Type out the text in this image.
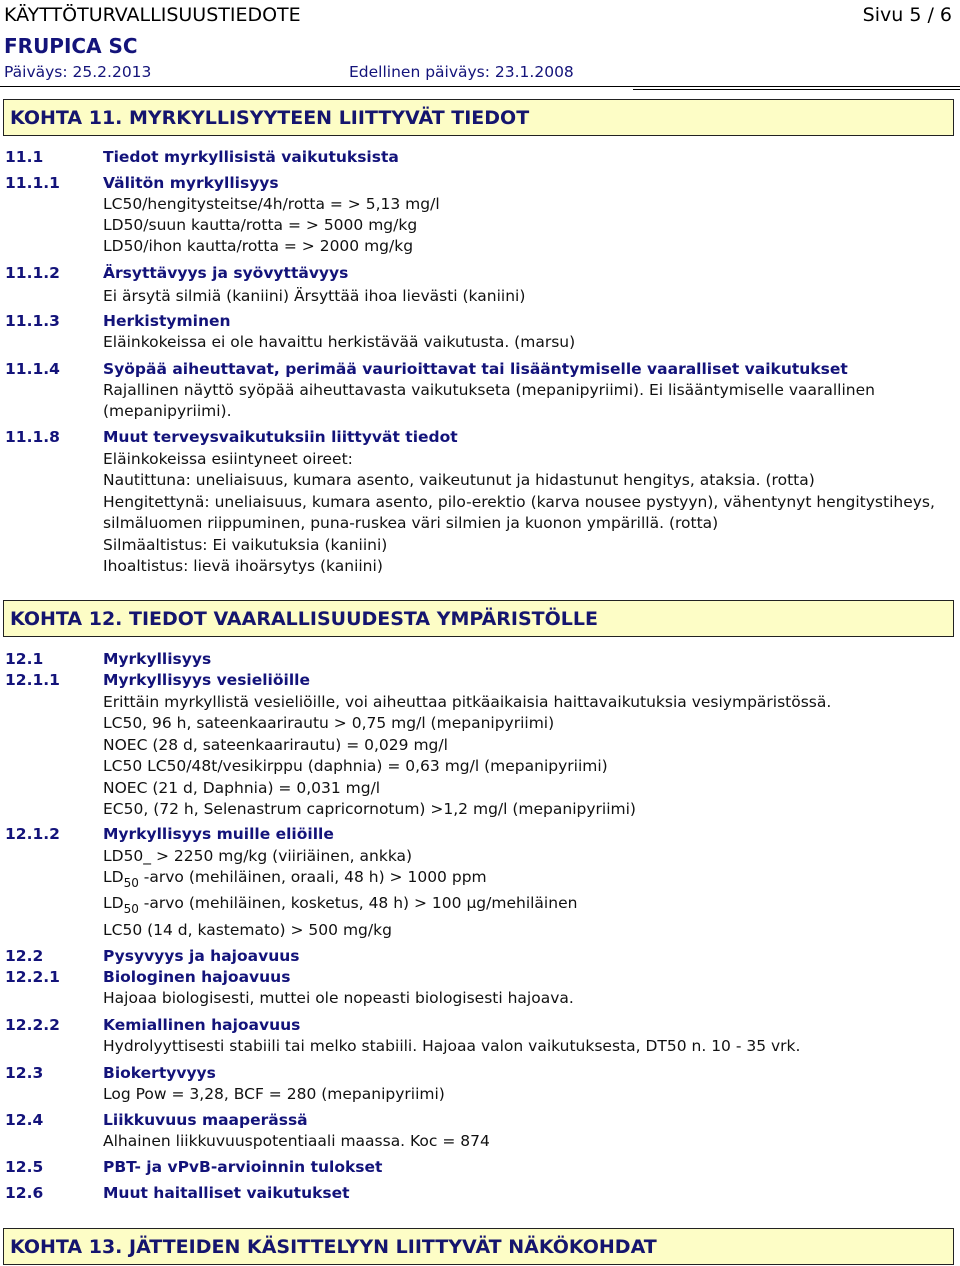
KÄYTTÖTURVALLISUUSTIEDOTE	Sivu 5 / 6
FRUPICA SC
Päiväys: 25.2.2013	Edellinen päiväys: 23.1.2008
KOHTA 11. MYRKYLLISYYTEEN LIITTYVÄT TIEDOT
11.1	Tiedot myrkyllisistä vaikutuksista
11.1.1	Välitön myrkyllisyys
LC50/hengitysteitse/4h/rotta = > 5,13 mg/l
LD50/suun kautta/rotta = > 5000 mg/kg
LD50/ihon kautta/rotta = > 2000 mg/kg
11.1.2	Ärsyttävyys ja syövyttävyys
Ei ärsytä silmiä (kaniini) Ärsyttää ihoa lievästi (kaniini)
11.1.3	Herkistyminen
Eläinkokeissa ei ole havaittu herkistävää vaikutusta. (marsu)
11.1.4	Syöpää aiheuttavat, perimää vaurioittavat tai lisääntymiselle vaaralliset vaikutukset
Rajallinen näyttö syöpää aiheuttavasta vaikutukseta (mepanipyriimi). Ei lisääntymiselle vaarallinen
(mepanipyriimi).
11.1.8	Muut terveysvaikutuksiin liittyvät tiedot
Eläinkokeissa esiintyneet oireet:
Nautittuna: uneliaisuus, kumara asento, vaikeutunut ja hidastunut hengitys, ataksia. (rotta)
Hengitettynä: uneliaisuus, kumara asento, pilo-erektio (karva nousee pystyyn), vähentynyt hengitystiheys,
silmäluomen riippuminen, puna-ruskea väri silmien ja kuonon ympärillä. (rotta)
Silmäaltistus: Ei vaikutuksia (kaniini)
Ihoaltistus: lievä ihoärsytys (kaniini)
KOHTA 12. TIEDOT VAARALLISUUDESTA YMPÄRISTÖLLE
12.1	Myrkyllisyys
12.1.1	Myrkyllisyys vesieliöille
Erittäin myrkyllistä vesieliöille, voi aiheuttaa pitkäaikaisia haittavaikutuksia vesiympäristössä.
LC50, 96 h, sateenkaarirautu > 0,75 mg/l (mepanipyriimi)
NOEC (28 d, sateenkaarirautu) = 0,029 mg/l
LC50 LC50/48t/vesikirppu (daphnia) = 0,63 mg/l (mepanipyriimi)
NOEC (21 d, Daphnia) = 0,031 mg/l
EC50, (72 h, Selenastrum capricornotum) >1,2 mg/l (mepanipyriimi)
12.1.2	Myrkyllisyys muille eliöille
LD50_ > 2250 mg/kg (viiriäinen, ankka)
$LD_{50}$ -arvo (mehiläinen, oraali, 48 h) > 1000 ppm
$LD_{50}$ -arvo (mehiläinen, kosketus, 48 h) > 100 µg/mehiläinen
LC50 (14 d, kastemato) > 500 mg/kg
12.2	Pysyvyys ja hajoavuus
12.2.1	Biologinen hajoavuus
Hajoaa biologisesti, muttei ole nopeasti biologisesti hajoava.
12.2.2	Kemiallinen hajoavuus
Hydrolyyttisesti stabiili tai melko stabiili. Hajoaa valon vaikutuksesta, DT50 n. 10 - 35 vrk.
12.3	Biokertyvyys
Log Pow = 3,28, BCF = 280 (mepanipyriimi)
12.4	Liikkuvuus maaperässä
Alhainen liikkuvuuspotentiaali maassa. Koc = 874
12.5	PBT- ja vPvB-arvioinnin tulokset
12.6	Muut haitalliset vaikutukset
KOHTA 13. JÄTTEIDEN KÄSITTELYYN LIITTYVÄT NÄKÖKOHDAT
